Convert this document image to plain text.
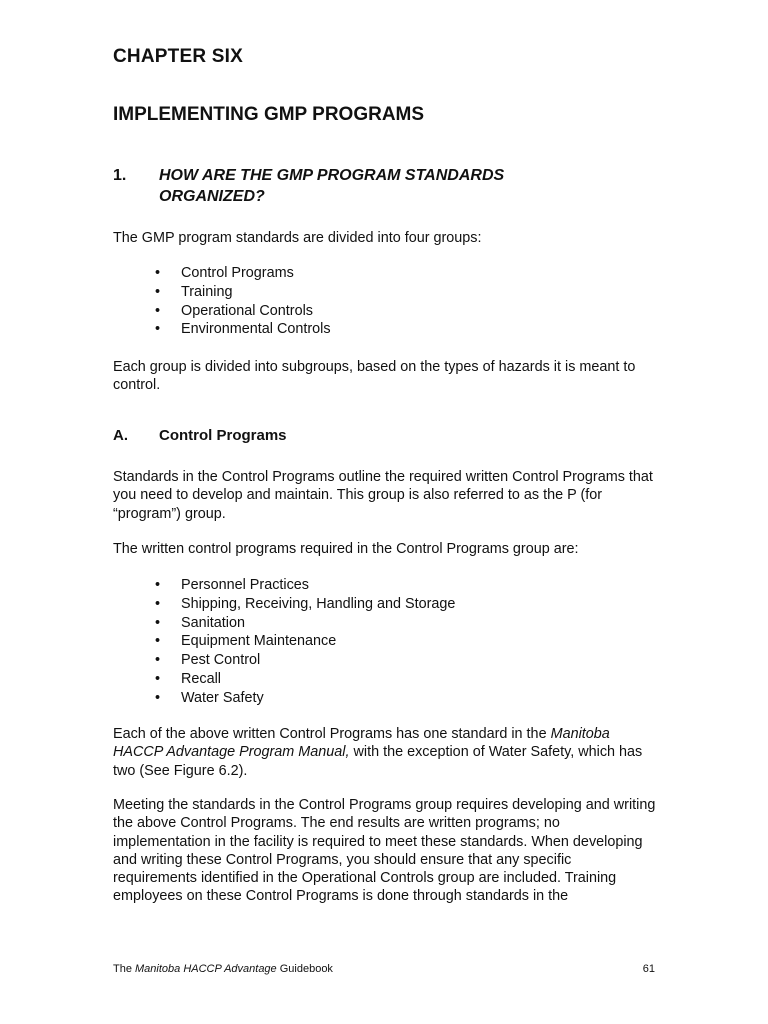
CHAPTER SIX
IMPLEMENTING GMP PROGRAMS
1. HOW ARE THE GMP PROGRAM STANDARDS ORGANIZED?

The GMP program standards are divided into four groups:

• Control Programs
• Training
• Operational Controls
• Environmental Controls

Each group is divided into subgroups, based on the types of hazards it is meant to control.

A. Control Programs

Standards in the Control Programs outline the required written Control Programs that you need to develop and maintain. This group is also referred to as the P (for “program”) group.

The written control programs required in the Control Programs group are:

• Personnel Practices
• Shipping, Receiving, Handling and Storage
• Sanitation
• Equipment Maintenance
• Pest Control
• Recall
• Water Safety

Each of the above written Control Programs has one standard in the Manitoba HACCP Advantage Program Manual, with the exception of Water Safety, which has two (See Figure 6.2).

Meeting the standards in the Control Programs group requires developing and writing the above Control Programs. The end results are written programs; no implementation in the facility is required to meet these standards. When developing and writing these Control Programs, you should ensure that any specific requirements identified in the Operational Controls group are included. Training employees on these Control Programs is done through standards in the

The Manitoba HACCP Advantage Guidebook	61
